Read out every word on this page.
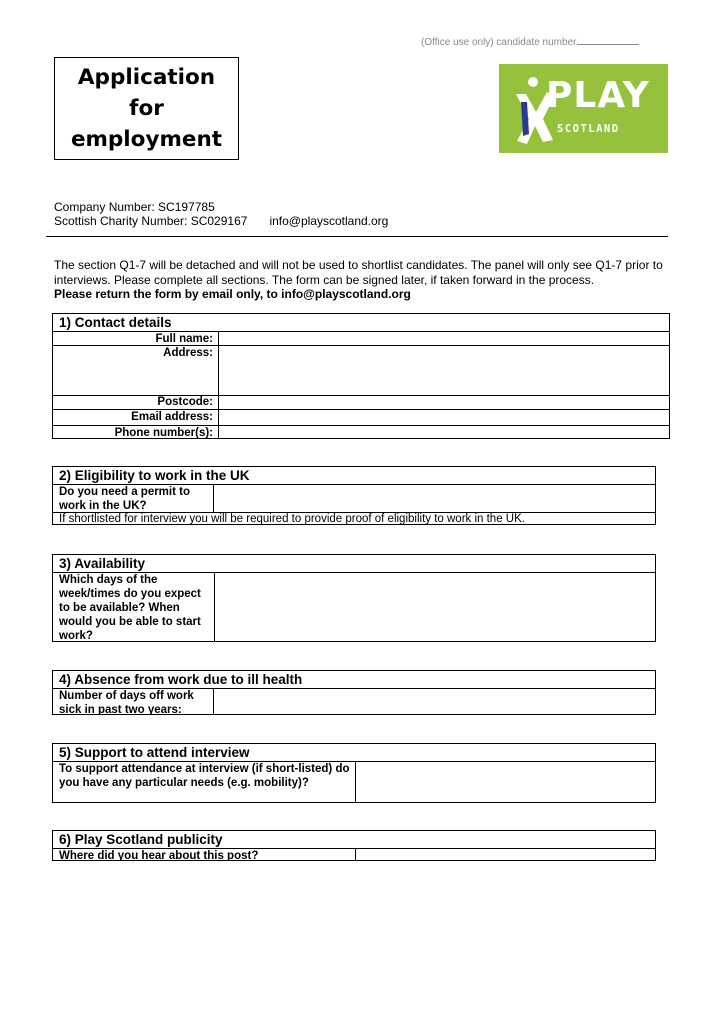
(Office use only) candidate number
Application for employment
PLAY
SCOTLAND
Company Number: SC197785
Scottish Charity Number: SC029167 info@playscotland.org

The section Q1-7 will be detached and will not be used to shortlist candidates. The panel will only see Q1-7 prior to interviews. Please complete all sections. The form can be signed later, if taken forward in the process.

Please return the form by email only, to info@playscotland.org

1) Contact details
Full name:
Address:
Postcode:
Email address:
Phone number(s):
2) Eligibility to work in the UK
Do you need a permit to work in the UK?
If shortlisted for interview you will be required to provide proof of eligibility to work in the UK.
3) Availability
Which days of the week/times do you expect to be available? When would you be able to start work?
4) Absence from work due to ill health
Number of days off work sick in past two years:
5) Support to attend interview
To support attendance at interview (if short-listed) do you have any particular needs (e.g. mobility)?
6) Play Scotland publicity
Where did you hear about this post?
